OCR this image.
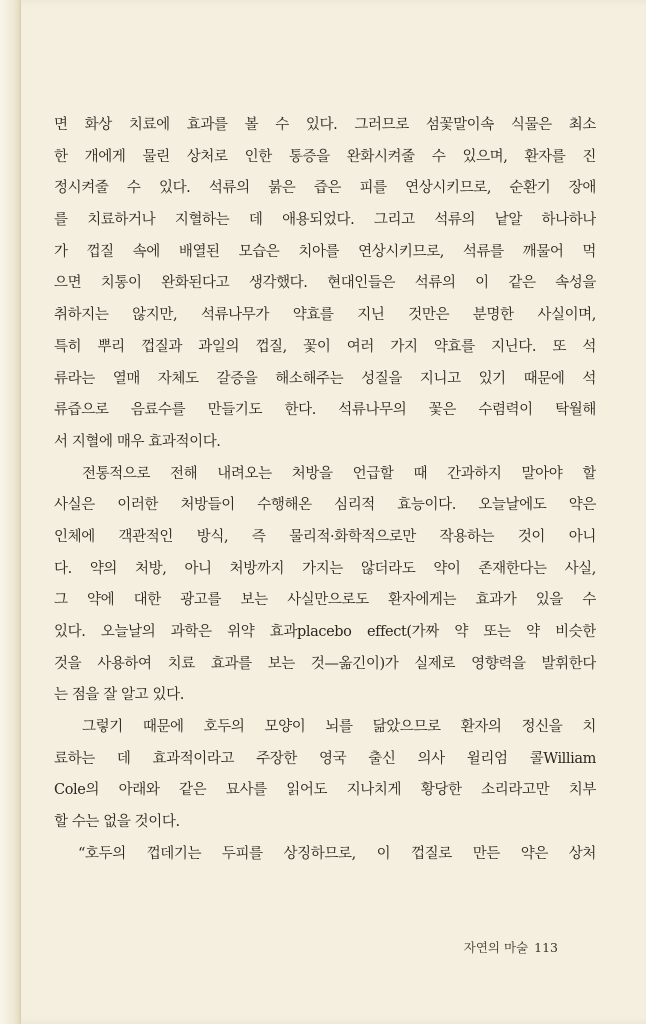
면 화상 치료에 효과를 볼 수 있다. 그러므로 섬꽃말이속 식물은 최소
한 개에게 물린 상처로 인한 통증을 완화시켜줄 수 있으며, 환자를 진
정시켜줄 수 있다. 석류의 붉은 즙은 피를 연상시키므로, 순환기 장애
를 치료하거나 지혈하는 데 애용되었다. 그리고 석류의 낱알 하나하나
가 껍질 속에 배열된 모습은 치아를 연상시키므로, 석류를 깨물어 먹
으면 치통이 완화된다고 생각했다. 현대인들은 석류의 이 같은 속성을
취하지는 않지만, 석류나무가 약효를 지닌 것만은 분명한 사실이며,
특히 뿌리 껍질과 과일의 껍질, 꽃이 여러 가지 약효를 지닌다. 또 석
류라는 열매 자체도 갈증을 해소해주는 성질을 지니고 있기 때문에 석
류즙으로 음료수를 만들기도 한다. 석류나무의 꽃은 수렴력이 탁월해
서 지혈에 매우 효과적이다.
전통적으로 전해 내려오는 처방을 언급할 때 간과하지 말아야 할
사실은 이러한 처방들이 수행해온 심리적 효능이다. 오늘날에도 약은
인체에 객관적인 방식, 즉 물리적·화학적으로만 작용하는 것이 아니
다. 약의 처방, 아니 처방까지 가지는 않더라도 약이 존재한다는 사실,
그 약에 대한 광고를 보는 사실만으로도 환자에게는 효과가 있을 수
있다. 오늘날의 과학은 위약 효과placebo effect(가짜 약 또는 약 비슷한
것을 사용하여 치료 효과를 보는 것—옮긴이)가 실제로 영향력을 발휘한다
는 점을 잘 알고 있다.
그렇기 때문에 호두의 모양이 뇌를 닮았으므로 환자의 정신을 치
료하는 데 효과적이라고 주장한 영국 출신 의사 윌리엄 콜William
Cole의 아래와 같은 묘사를 읽어도 지나치게 황당한 소리라고만 치부
할 수는 없을 것이다.
“호두의 껍데기는 두피를 상징하므로, 이 껍질로 만든 약은 상처
자연의 마술 113
